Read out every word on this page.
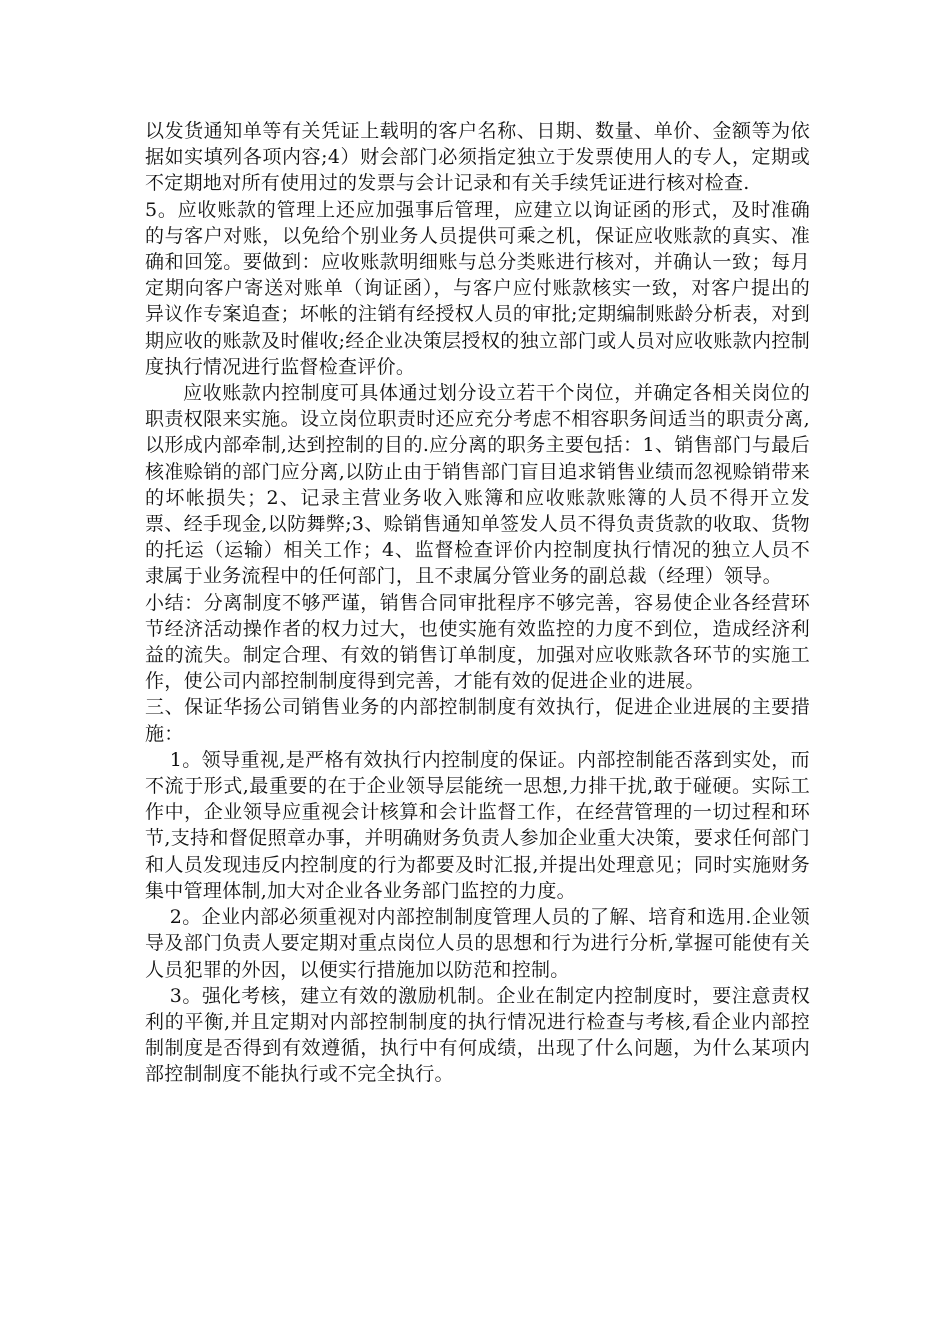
以发货通知单等有关凭证上载明的客户名称、日期、数量、单价、金额等为依据如实填列各项内容;4）财会部门必须指定独立于发票使用人的专人，定期或不定期地对所有使用过的发票与会计记录和有关手续凭证进行核对检查.

5。应收账款的管理上还应加强事后管理，应建立以询证函的形式，及时准确的与客户对账，以免给个别业务人员提供可乘之机，保证应收账款的真实、准确和回笼。要做到：应收账款明细账与总分类账进行核对，并确认一致；每月定期向客户寄送对账单（询证函），与客户应付账款核实一致，对客户提出的异议作专案追查；坏帐的注销有经授权人员的审批;定期编制账龄分析表，对到期应收的账款及时催收;经企业决策层授权的独立部门或人员对应收账款内控制度执行情况进行监督检查评价。

应收账款内控制度可具体通过划分设立若干个岗位，并确定各相关岗位的职责权限来实施。设立岗位职责时还应充分考虑不相容职务间适当的职责分离,以形成内部牵制,达到控制的目的.应分离的职务主要包括：1、销售部门与最后核准赊销的部门应分离,以防止由于销售部门盲目追求销售业绩而忽视赊销带来的坏帐损失；2、记录主营业务收入账簿和应收账款账簿的人员不得开立发票、经手现金,以防舞弊;3、赊销售通知单签发人员不得负责货款的收取、货物的托运（运输）相关工作；4、监督检查评价内控制度执行情况的独立人员不隶属于业务流程中的任何部门，且不隶属分管业务的副总裁（经理）领导。

小结：分离制度不够严谨，销售合同审批程序不够完善，容易使企业各经营环节经济活动操作者的权力过大，也使实施有效监控的力度不到位，造成经济利益的流失。制定合理、有效的销售订单制度，加强对应收账款各环节的实施工作，使公司内部控制制度得到完善，才能有效的促进企业的进展。

三、保证华扬公司销售业务的内部控制制度有效执行，促进企业进展的主要措施：

1。领导重视,是严格有效执行内控制度的保证。内部控制能否落到实处，而不流于形式,最重要的在于企业领导层能统一思想,力排干扰,敢于碰硬。实际工作中，企业领导应重视会计核算和会计监督工作，在经营管理的一切过程和环节,支持和督促照章办事，并明确财务负责人参加企业重大决策，要求任何部门和人员发现违反内控制度的行为都要及时汇报,并提出处理意见；同时实施财务集中管理体制,加大对企业各业务部门监控的力度。

2。企业内部必须重视对内部控制制度管理人员的了解、培育和选用.企业领导及部门负责人要定期对重点岗位人员的思想和行为进行分析,掌握可能使有关人员犯罪的外因，以便实行措施加以防范和控制。

3。强化考核，建立有效的激励机制。企业在制定内控制度时，要注意责权利的平衡,并且定期对内部控制制度的执行情况进行检查与考核,看企业内部控制制度是否得到有效遵循，执行中有何成绩，出现了什么问题，为什么某项内部控制制度不能执行或不完全执行。
